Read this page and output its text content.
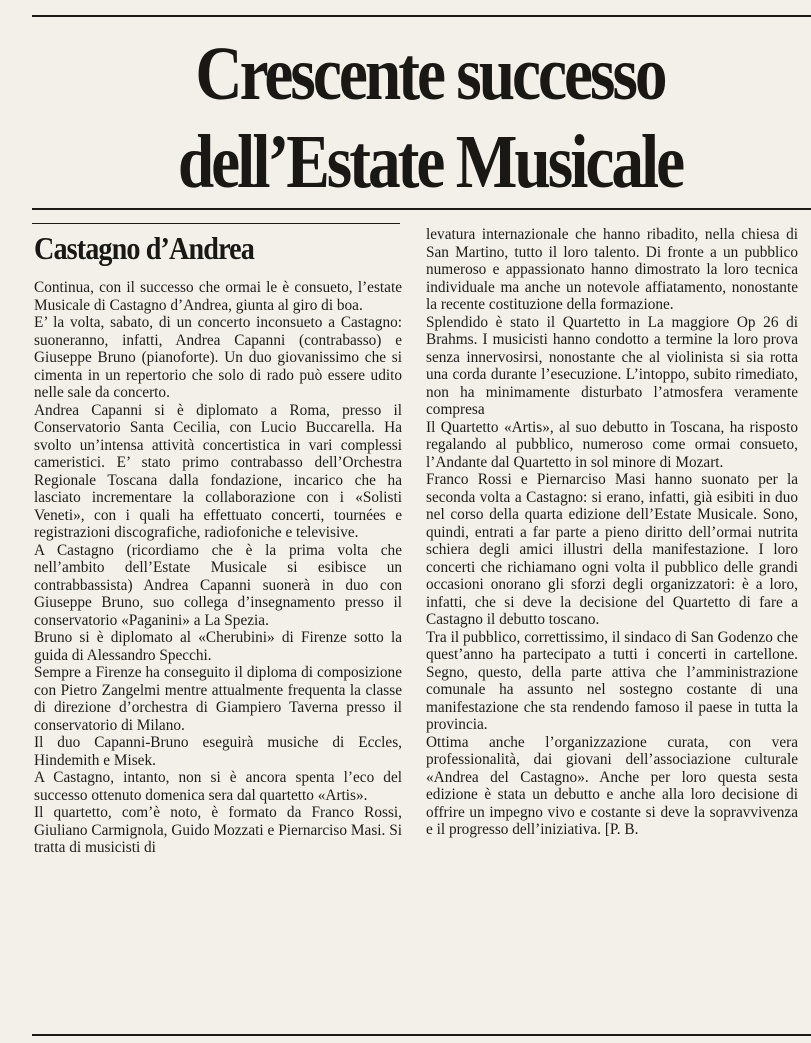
Crescente successo
dell’Estate Musicale
Castagno d’Andrea

Continua, con il successo che ormai le è consueto, l’estate Musicale di Castagno d’Andrea, giunta al giro di boa.

E’ la volta, sabato, di un concerto inconsueto a Castagno: suoneranno, infatti, Andrea Capanni (contrabasso) e Giuseppe Bruno (pianoforte). Un duo giovanissimo che si cimenta in un repertorio che solo di rado può essere udito nelle sale da concerto.

Andrea Capanni si è diplomato a Roma, presso il Conservatorio Santa Cecilia, con Lucio Buccarella. Ha svolto un’intensa attività concertistica in vari complessi cameristici. E’ stato primo contrabasso dell’Orchestra Regionale Toscana dalla fondazione, incarico che ha lasciato incrementare la collaborazione con i «Solisti Veneti», con i quali ha effettuato concerti, tournées e registrazioni discografiche, radiofoniche e televisive.

A Castagno (ricordiamo che è la prima volta che nell’ambito dell’Estate Musicale si esibisce un contrabbassista) Andrea Capanni suonerà in duo con Giuseppe Bruno, suo collega d’insegnamento presso il conservatorio «Paganini» a La Spezia.

Bruno si è diplomato al «Cherubini» di Firenze sotto la guida di Alessandro Specchi.

Sempre a Firenze ha conseguito il diploma di composizione con Pietro Zangelmi mentre attualmente frequenta la classe di direzione d’orchestra di Giampiero Taverna presso il conservatorio di Milano.

Il duo Capanni-Bruno eseguirà musiche di Eccles, Hindemith e Misek.

A Castagno, intanto, non si è ancora spenta l’eco del successo ottenuto domenica sera dal quartetto «Artis».

Il quartetto, com’è noto, è formato da Franco Rossi, Giuliano Carmignola, Guido Mozzati e Piernarciso Masi. Si tratta di musicisti di

levatura internazionale che hanno ribadito, nella chiesa di San Martino, tutto il loro talento. Di fronte a un pubblico numeroso e appassionato hanno dimostrato la loro tecnica individuale ma anche un notevole affiatamento, nonostante la recente costituzione della formazione.

Splendido è stato il Quartetto in La maggiore Op 26 di Brahms. I musicisti hanno condotto a termine la loro prova senza innervosirsi, nonostante che al violinista si sia rotta una corda durante l’esecuzione. L’intoppo, subito rimediato, non ha minimamente disturbato l’atmosfera veramente compresa

Il Quartetto «Artis», al suo debutto in Toscana, ha risposto regalando al pubblico, numeroso come ormai consueto, l’Andante dal Quartetto in sol minore di Mozart.

Franco Rossi e Piernarciso Masi hanno suonato per la seconda volta a Castagno: si erano, infatti, già esibiti in duo nel corso della quarta edizione dell’Estate Musicale. Sono, quindi, entrati a far parte a pieno diritto dell’ormai nutrita schiera degli amici illustri della manifestazione. I loro concerti che richiamano ogni volta il pubblico delle grandi occasioni onorano gli sforzi degli organizzatori: è a loro, infatti, che si deve la decisione del Quartetto di fare a Castagno il debutto toscano.

Tra il pubblico, correttissimo, il sindaco di San Godenzo che quest’anno ha partecipato a tutti i concerti in cartellone. Segno, questo, della parte attiva che l’amministrazione comunale ha assunto nel sostegno costante di una manifestazione che sta rendendo famoso il paese in tutta la provincia.

Ottima anche l’organizzazione curata, con vera professionalità, dai giovani dell’associazione culturale «Andrea del Castagno». Anche per loro questa sesta edizione è stata un debutto e anche alla loro decisione di offrire un impegno vivo e costante si deve la sopravvivenza e il progresso dell’iniziativa. [P. B.
